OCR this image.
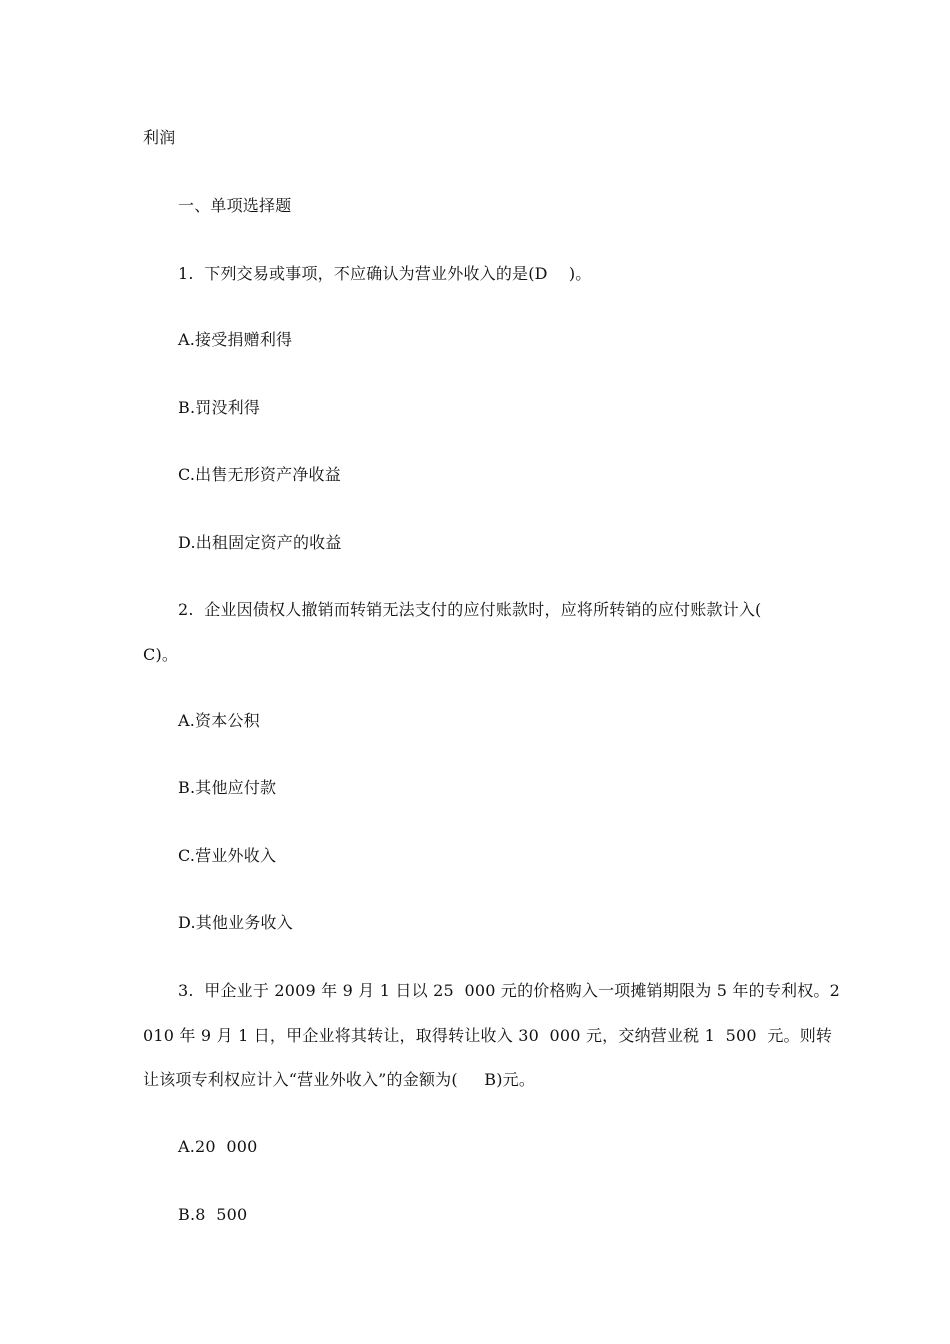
利润
一、单项选择题
1.  下列交易或事项，不应确认为营业外收入的是(D    )。
A.接受捐赠利得
B.罚没利得
C.出售无形资产净收益
D.出租固定资产的收益
2.  企业因债权人撤销而转销无法支付的应付账款时，应将所转销的应付账款计入(
C)。
A.资本公积
B.其他应付款
C.营业外收入
D.其他业务收入
3.  甲企业于 2009 年 9 月 1 日以 25  000 元的价格购入一项摊销期限为 5 年的专利权。2
010 年 9 月 1 日，甲企业将其转让，取得转让收入 30  000 元，交纳营业税 1  500  元。则转
让该项专利权应计入“营业外收入”的金额为(     B)元。
A.20  000
B.8  500
